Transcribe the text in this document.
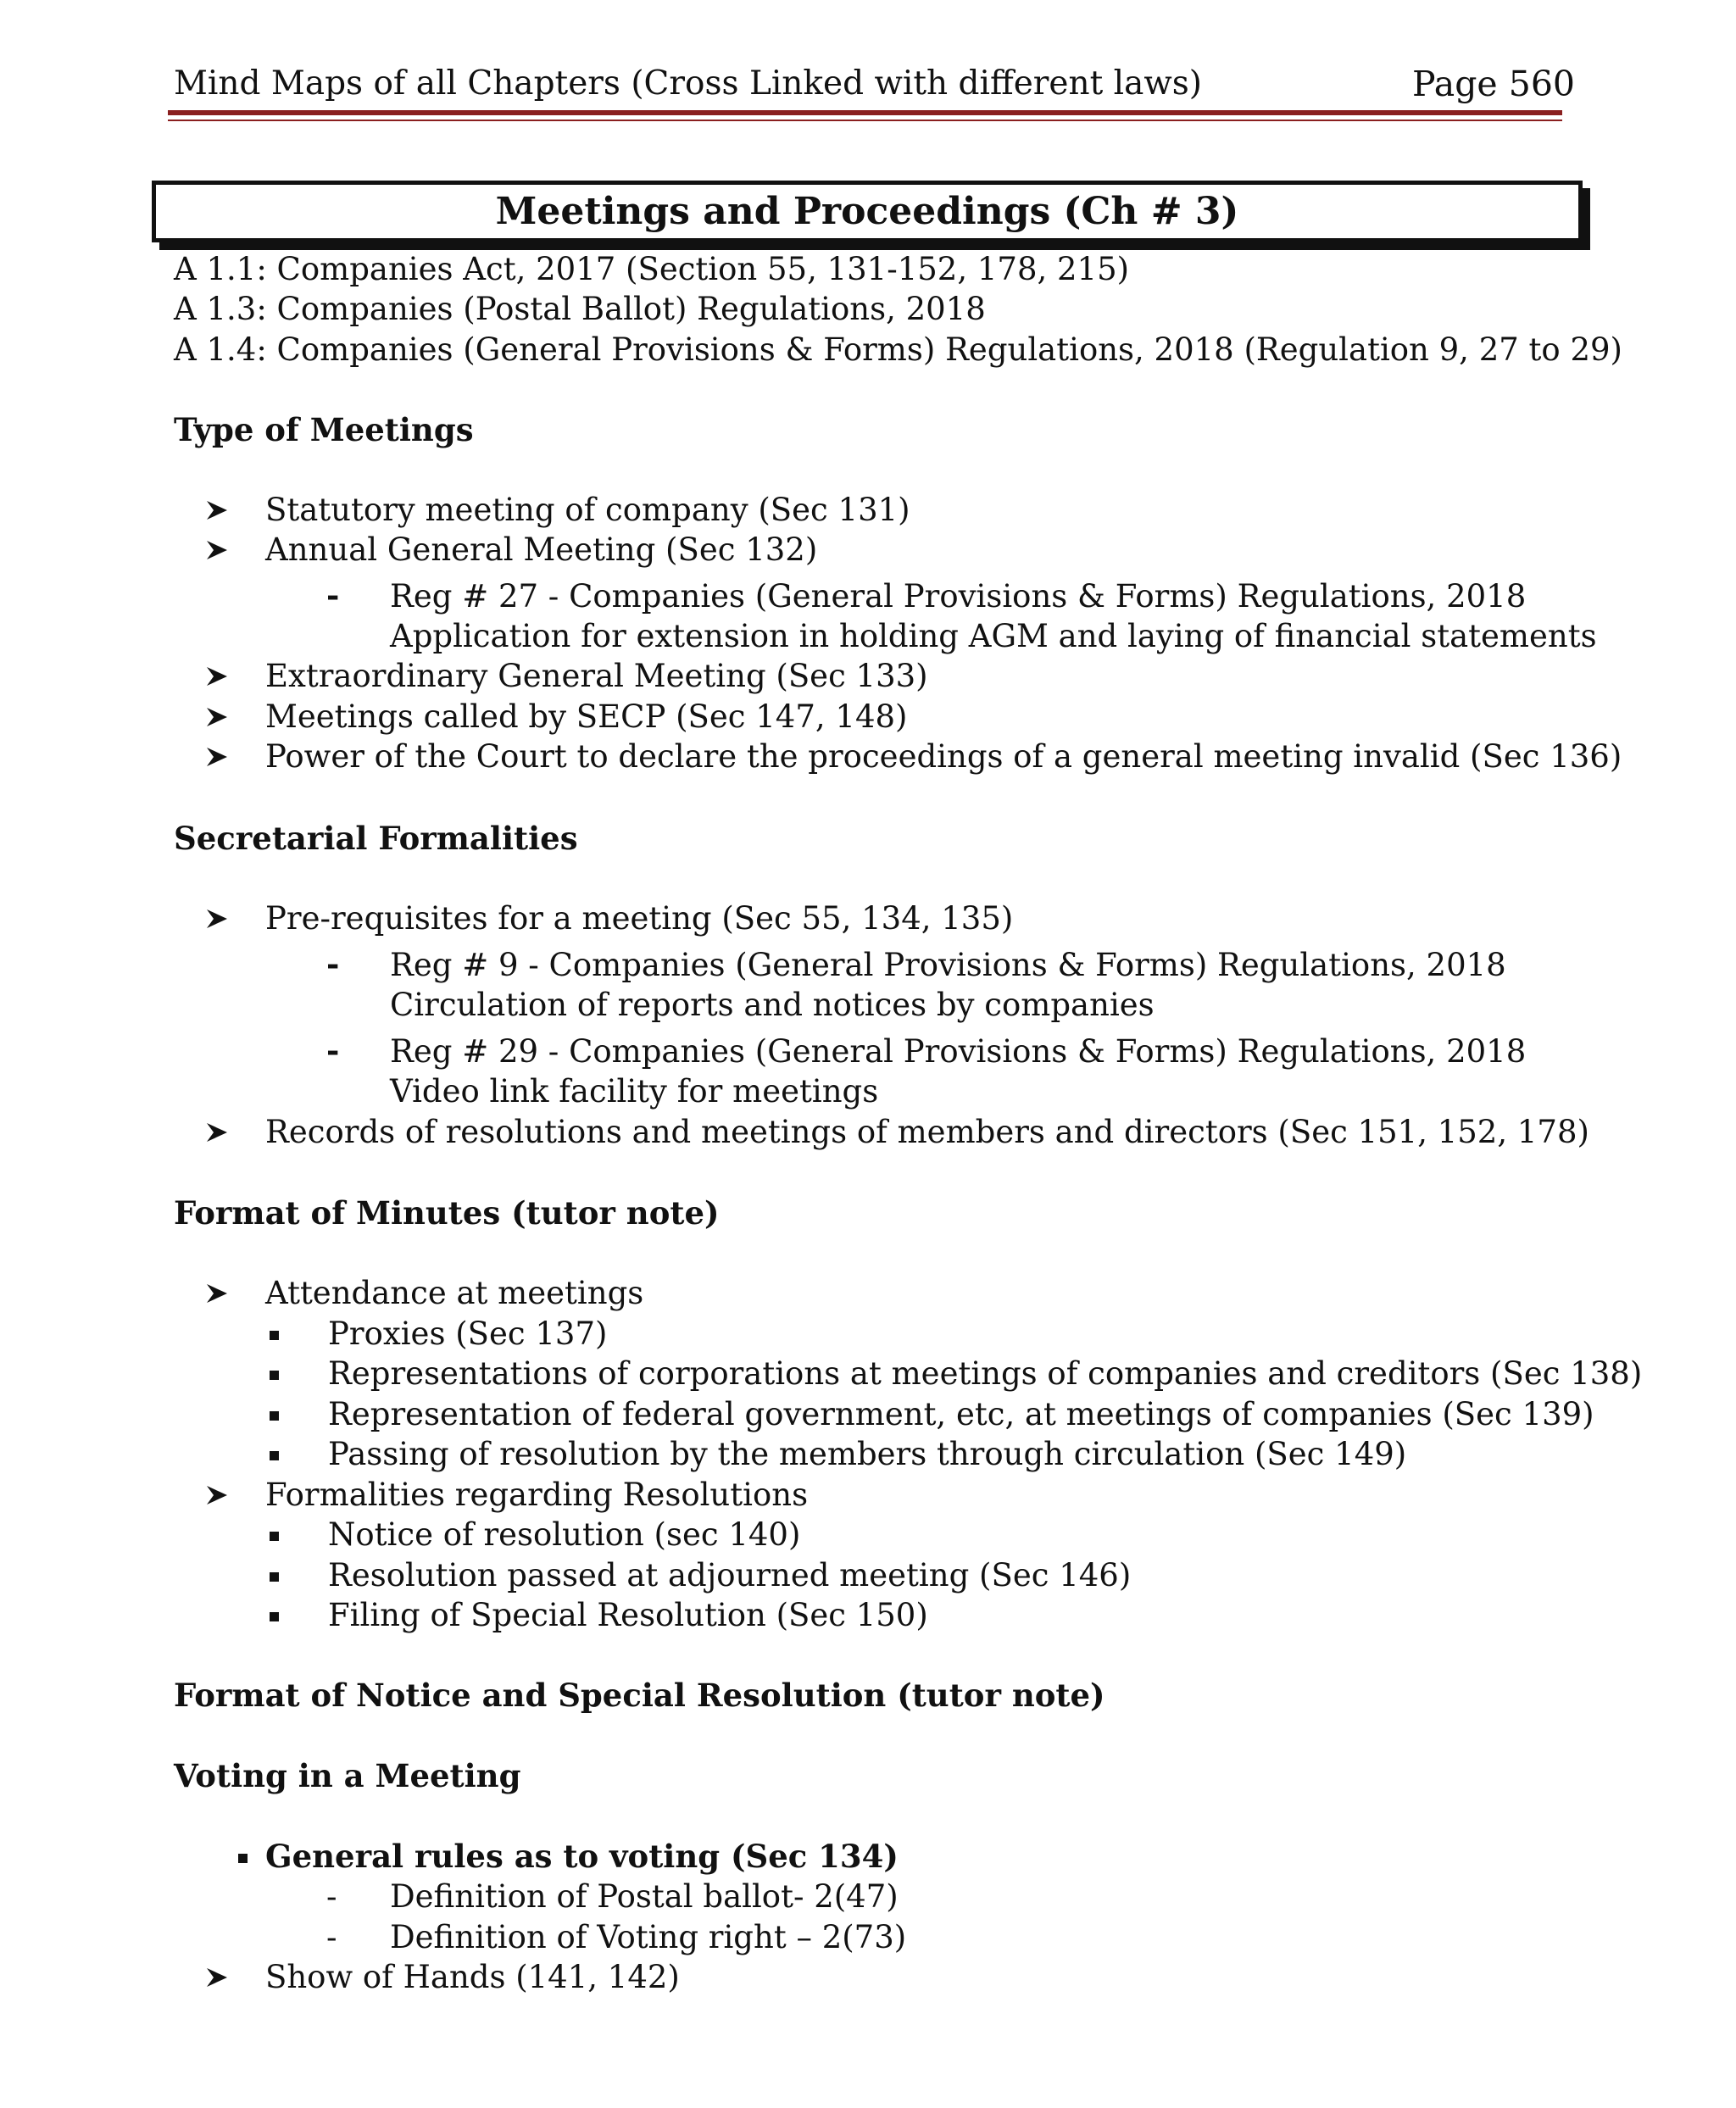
Mind Maps of all Chapters (Cross Linked with different laws)	Page 560
Meetings and Proceedings (Ch # 3)
A 1.1: Companies Act, 2017 (Section 55, 131-152, 178, 215)
A 1.3: Companies (Postal Ballot) Regulations, 2018
A 1.4: Companies (General Provisions & Forms) Regulations, 2018 (Regulation 9, 27 to 29)
Type of Meetings
Statutory meeting of company (Sec 131)
Annual General Meeting (Sec 132)
- Reg # 27 - Companies (General Provisions & Forms) Regulations, 2018
Application for extension in holding AGM and laying of financial statements
Extraordinary General Meeting (Sec 133)
Meetings called by SECP (Sec 147, 148)
Power of the Court to declare the proceedings of a general meeting invalid (Sec 136)
Secretarial Formalities
Pre-requisites for a meeting (Sec 55, 134, 135)
- Reg # 9 - Companies (General Provisions & Forms) Regulations, 2018
Circulation of reports and notices by companies
- Reg # 29 - Companies (General Provisions & Forms) Regulations, 2018
Video link facility for meetings
Records of resolutions and meetings of members and directors (Sec 151, 152, 178)
Format of Minutes (tutor note)
Attendance at meetings
Proxies (Sec 137)
Representations of corporations at meetings of companies and creditors (Sec 138)
Representation of federal government, etc, at meetings of companies (Sec 139)
Passing of resolution by the members through circulation (Sec 149)
Formalities regarding Resolutions
Notice of resolution (sec 140)
Resolution passed at adjourned meeting (Sec 146)
Filing of Special Resolution (Sec 150)
Format of Notice and Special Resolution (tutor note)
Voting in a Meeting
General rules as to voting (Sec 134)
- Definition of Postal ballot- 2(47)
- Definition of Voting right – 2(73)
Show of Hands (141, 142)
